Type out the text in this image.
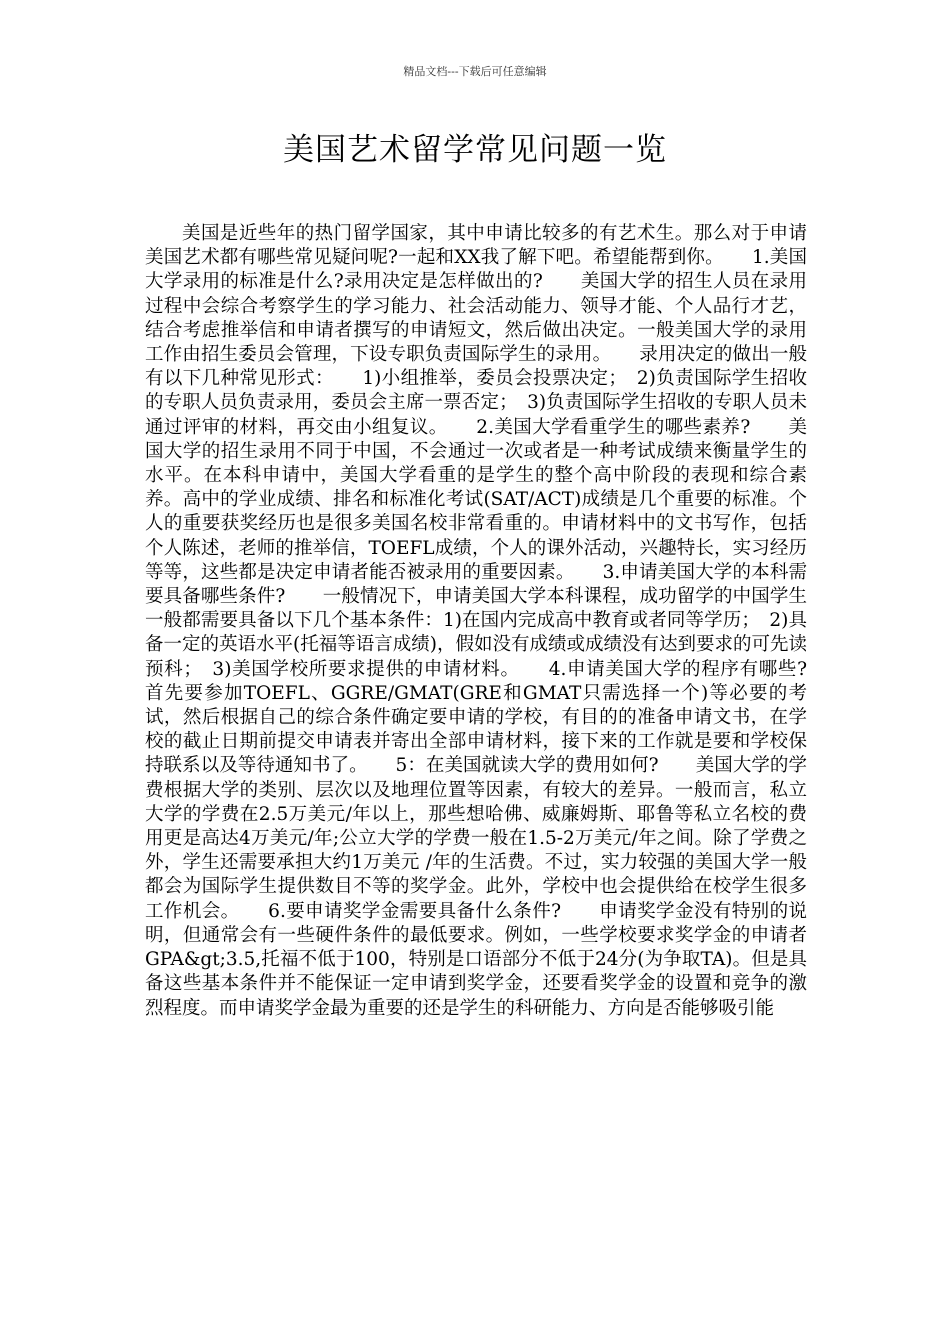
精品文档---下载后可任意编辑
美国艺术留学常见问题一览

美国是近些年的热门留学国家，其中申请比较多的有艺术生。那么对于申请美国艺术都有哪些常见疑问呢?一起和XX我了解下吧。希望能帮到你。　　1.美国大学录用的标准是什么?录用决定是怎样做出的?　　美国大学的招生人员在录用过程中会综合考察学生的学习能力、社会活动能力、领导才能、个人品行才艺，结合考虑推举信和申请者撰写的申请短文，然后做出决定。一般美国大学的录用工作由招生委员会管理，下设专职负责国际学生的录用。　　录用决定的做出一般有以下几种常见形式：　　1)小组推举，委员会投票决定；　2)负责国际学生招收的专职人员负责录用，委员会主席一票否定；　3)负责国际学生招收的专职人员未通过评审的材料，再交由小组复议。　　2.美国大学看重学生的哪些素养?　　美国大学的招生录用不同于中国，不会通过一次或者是一种考试成绩来衡量学生的水平。在本科申请中，美国大学看重的是学生的整个高中阶段的表现和综合素养。高中的学业成绩、排名和标准化考试(SAT/ACT)成绩是几个重要的标准。个人的重要获奖经历也是很多美国名校非常看重的。申请材料中的文书写作，包括个人陈述，老师的推举信，TOEFL成绩，个人的课外活动，兴趣特长，实习经历等等，这些都是决定申请者能否被录用的重要因素。　　3.申请美国大学的本科需要具备哪些条件?　　一般情况下，申请美国大学本科课程，成功留学的中国学生一般都需要具备以下几个基本条件：1)在国内完成高中教育或者同等学历；　2)具备一定的英语水平(托福等语言成绩)，假如没有成绩或成绩没有达到要求的可先读预科；　3)美国学校所要求提供的申请材料。　　4.申请美国大学的程序有哪些?　　首先要参加TOEFL、GGRE/GMAT(GRE和GMAT只需选择一个)等必要的考试，然后根据自己的综合条件确定要申请的学校，有目的的准备申请文书，在学校的截止日期前提交申请表并寄出全部申请材料，接下来的工作就是要和学校保持联系以及等待通知书了。　　5：在美国就读大学的费用如何?　　美国大学的学费根据大学的类别、层次以及地理位置等因素，有较大的差异。一般而言，私立大学的学费在2.5万美元/年以上，那些想哈佛、威廉姆斯、耶鲁等私立名校的费用更是高达4万美元/年;公立大学的学费一般在1.5-2万美元/年之间。除了学费之外，学生还需要承担大约1万美元 /年的生活费。不过，实力较强的美国大学一般都会为国际学生提供数目不等的奖学金。此外，学校中也会提供给在校学生很多工作机会。　　6.要申请奖学金需要具备什么条件?　　申请奖学金没有特别的说明，但通常会有一些硬件条件的最低要求。例如，一些学校要求奖学金的申请者GPA&gt;3.5,托福不低于100，特别是口语部分不低于24分(为争取TA)。但是具备这些基本条件并不能保证一定申请到奖学金，还要看奖学金的设置和竞争的激烈程度。而申请奖学金最为重要的还是学生的科研能力、方向是否能够吸引能
